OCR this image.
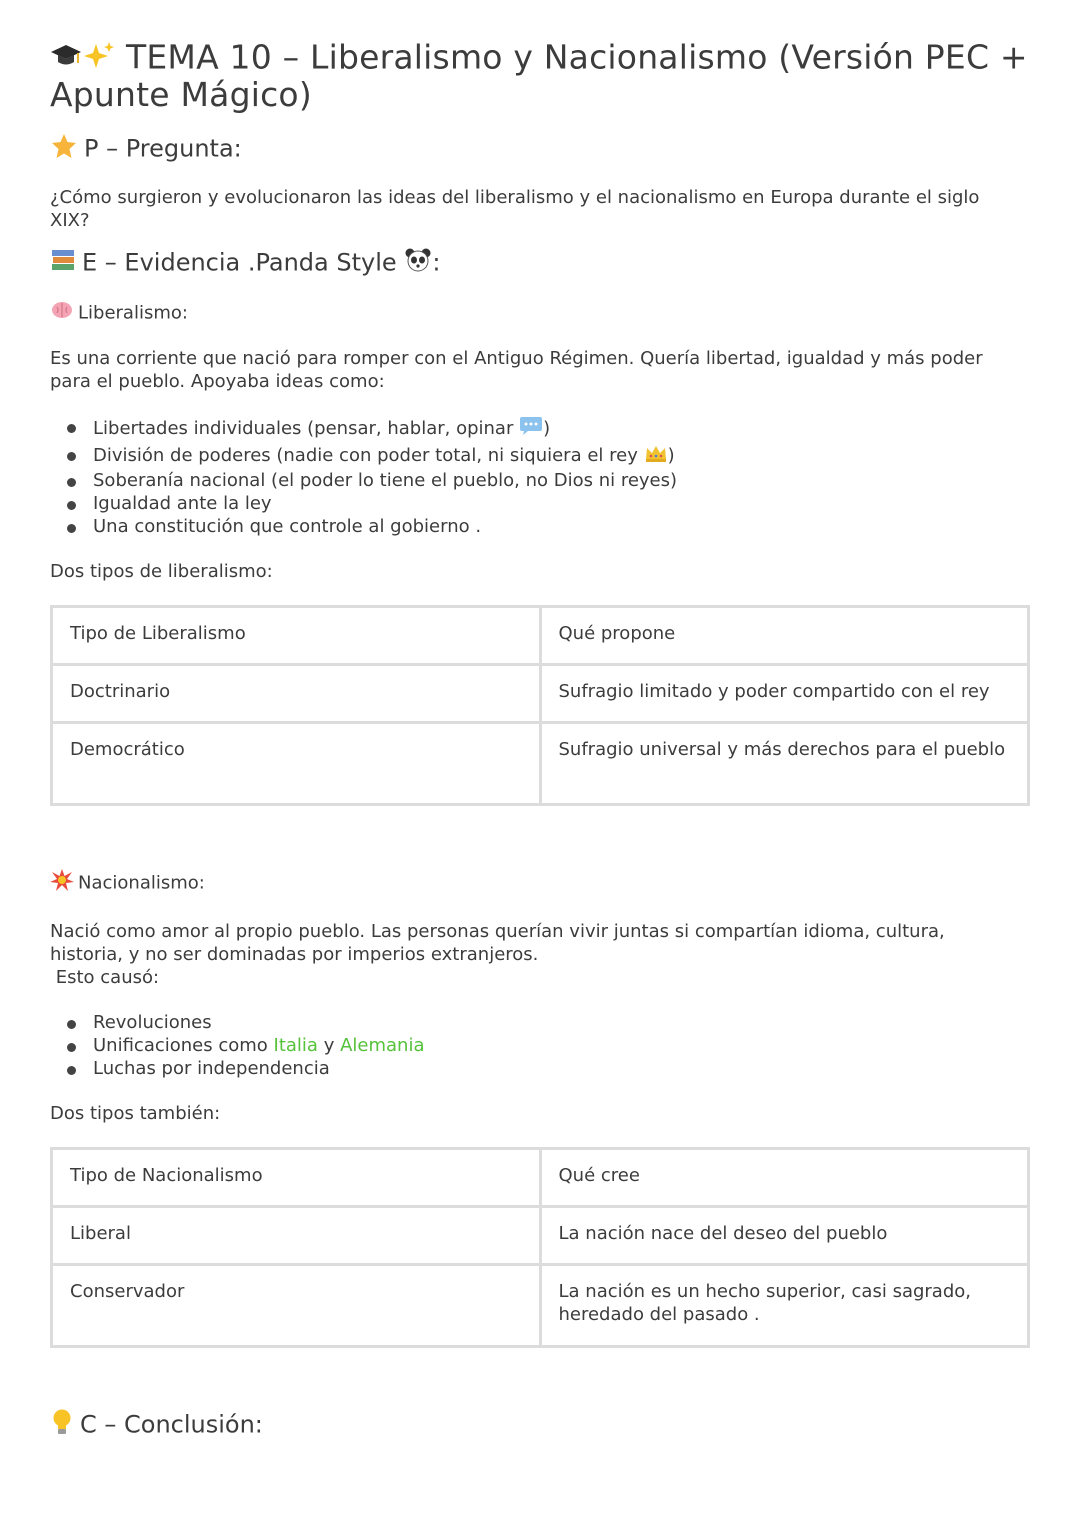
TEMA 10 – Liberalismo y Nacionalismo (Versión PEC + Apunte Mágico)
P – Pregunta:

¿Cómo surgieron y evolucionaron las ideas del liberalismo y el nacionalismo en Europa durante el siglo XIX?

E – Evidencia .Panda Style :
Liberalismo:

Es una corriente que nació para romper con el Antiguo Régimen. Quería libertad, igualdad y más poder para el pueblo. Apoyaba ideas como:

Libertades individuales (pensar, hablar, opinar )
División de poderes (nadie con poder total, ni siquiera el rey )
Soberanía nacional (el poder lo tiene el pueblo, no Dios ni reyes)
Igualdad ante la ley
Una constitución que controle al gobierno .

Dos tipos de liberalismo:

Tipo de Liberalismo	Qué propone
Doctrinario	Sufragio limitado y poder compartido con el rey
Democrático	Sufragio universal y más derechos para el pueblo
Nacionalismo:

Nació como amor al propio pueblo. Las personas querían vivir juntas si compartían idioma, cultura, historia, y no ser dominadas por imperios extranjeros.

Esto causó:

Revoluciones
Unificaciones como Italia y Alemania
Luchas por independencia

Dos tipos también:

Tipo de Nacionalismo	Qué cree
Liberal	La nación nace del deseo del pueblo
Conservador	La nación es un hecho superior, casi sagrado, heredado del pasado .
C – Conclusión:
